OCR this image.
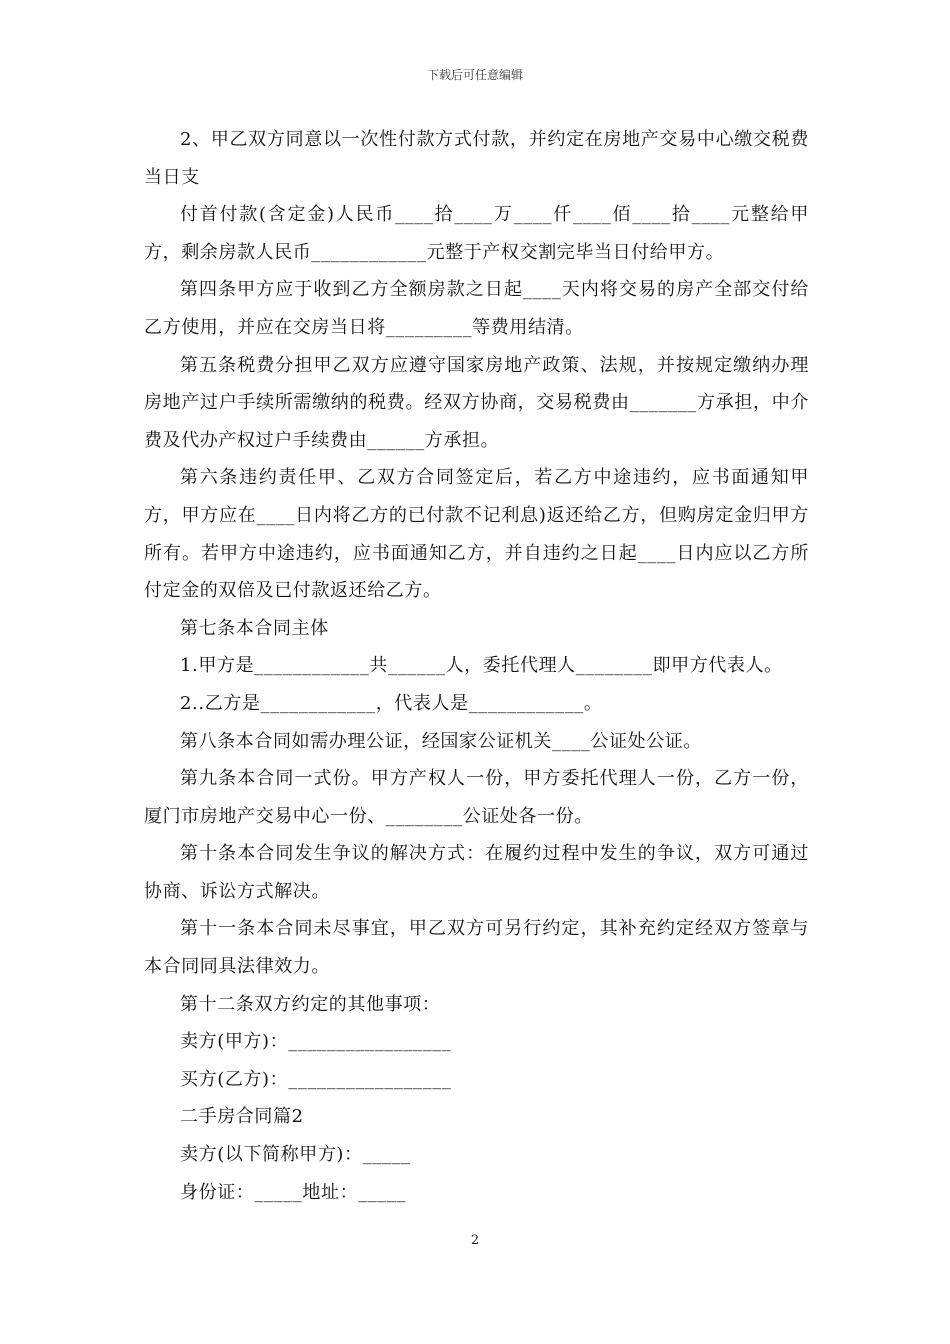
下载后可任意编辑

2、甲乙双方同意以一次性付款方式付款，并约定在房地产交易中心缴交税费当日支

付首付款(含定金)人民币____拾____万____仟____佰____拾____元整给甲方，剩余房款人民币____________元整于产权交割完毕当日付给甲方。

第四条甲方应于收到乙方全额房款之日起____天内将交易的房产全部交付给乙方使用，并应在交房当日将_________等费用结清。

第五条税费分担甲乙双方应遵守国家房地产政策、法规，并按规定缴纳办理房地产过户手续所需缴纳的税费。经双方协商，交易税费由_______方承担，中介费及代办产权过户手续费由______方承担。

第六条违约责任甲、乙双方合同签定后，若乙方中途违约，应书面通知甲方，甲方应在____日内将乙方的已付款不记利息)返还给乙方，但购房定金归甲方所有。若甲方中途违约，应书面通知乙方，并自违约之日起____日内应以乙方所付定金的双倍及已付款返还给乙方。

第七条本合同主体

1.甲方是____________共______人，委托代理人________即甲方代表人。

2..乙方是____________，代表人是____________。

第八条本合同如需办理公证，经国家公证机关____公证处公证。

第九条本合同一式份。甲方产权人一份，甲方委托代理人一份，乙方一份，厦门市房地产交易中心一份、________公证处各一份。

第十条本合同发生争议的解决方式：在履约过程中发生的争议，双方可通过协商、诉讼方式解决。

第十一条本合同未尽事宜，甲乙双方可另行约定，其补充约定经双方签章与本合同同具法律效力。

第十二条双方约定的其他事项：

卖方(甲方)：_________________

买方(乙方)：_________________

二手房合同篇2

卖方(以下简称甲方)：_____

身份证：_____地址：_____

2
